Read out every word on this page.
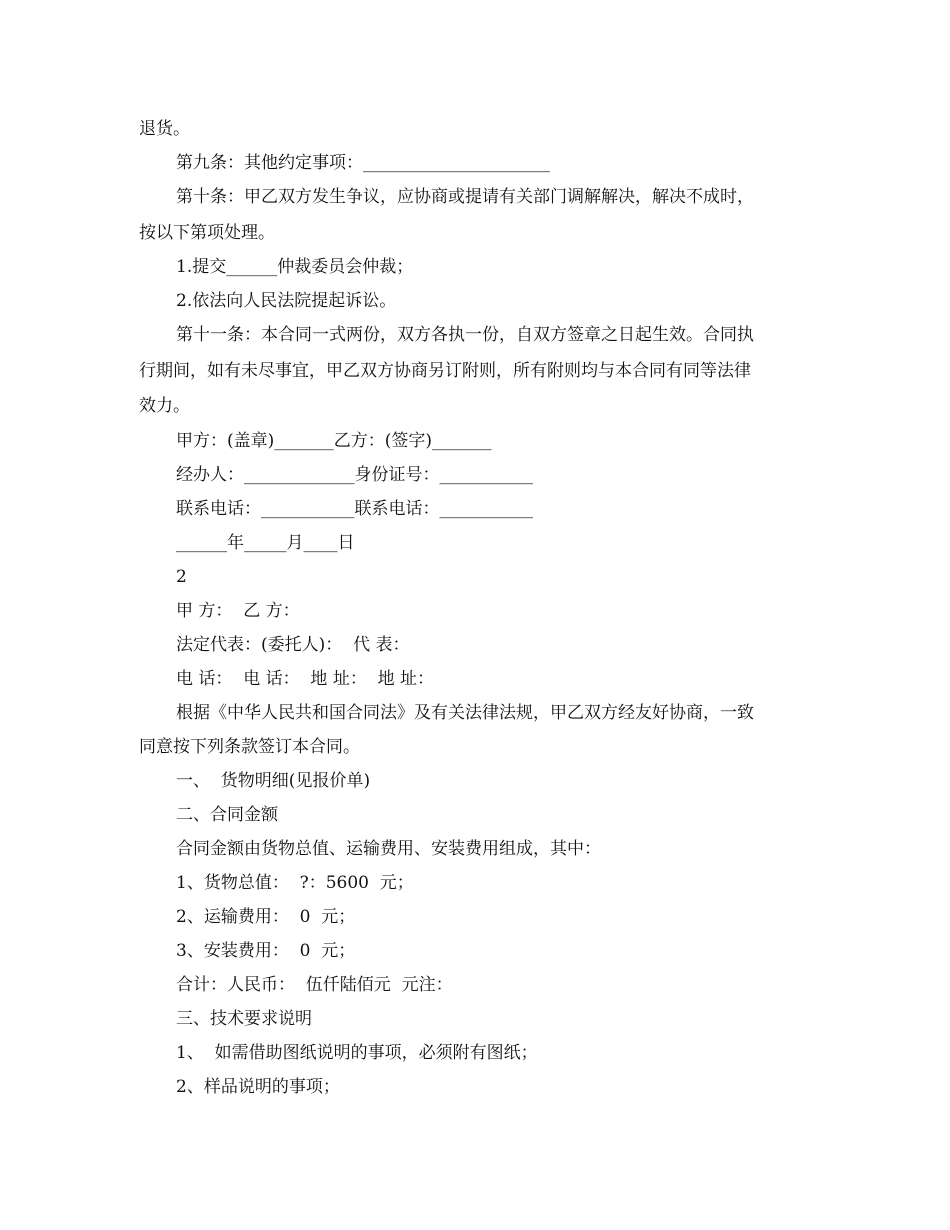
退货。
第九条：其他约定事项：______________________
第十条：甲乙双方发生争议，应协商或提请有关部门调解解决，解决不成时，
按以下第项处理。
1.提交______仲裁委员会仲裁；
2.依法向人民法院提起诉讼。
第十一条：本合同一式两份，双方各执一份，自双方签章之日起生效。合同执
行期间，如有未尽事宜，甲乙双方协商另订附则，所有附则均与本合同有同等法律
效力。
甲方：(盖章)_______乙方：(签字)_______
经办人：_____________身份证号：___________
联系电话：___________联系电话：___________
______年_____月____日
2
甲 方：  乙 方：
法定代表：(委托人)：  代 表：
电 话：  电 话：  地 址：  地 址：
根据《中华人民共和国合同法》及有关法律法规，甲乙双方经友好协商，一致
同意按下列条款签订本合同。
一、  货物明细(见报价单)
二、合同金额
合同金额由货物总值、运输费用、安装费用组成，其中：
1、货物总值：  ?：5600  元；
2、运输费用：  0  元；
3、安装费用：  0  元；
合计：人民币：  伍仟陆佰元  元注：
三、技术要求说明
1、  如需借助图纸说明的事项，必须附有图纸；
2、样品说明的事项；
